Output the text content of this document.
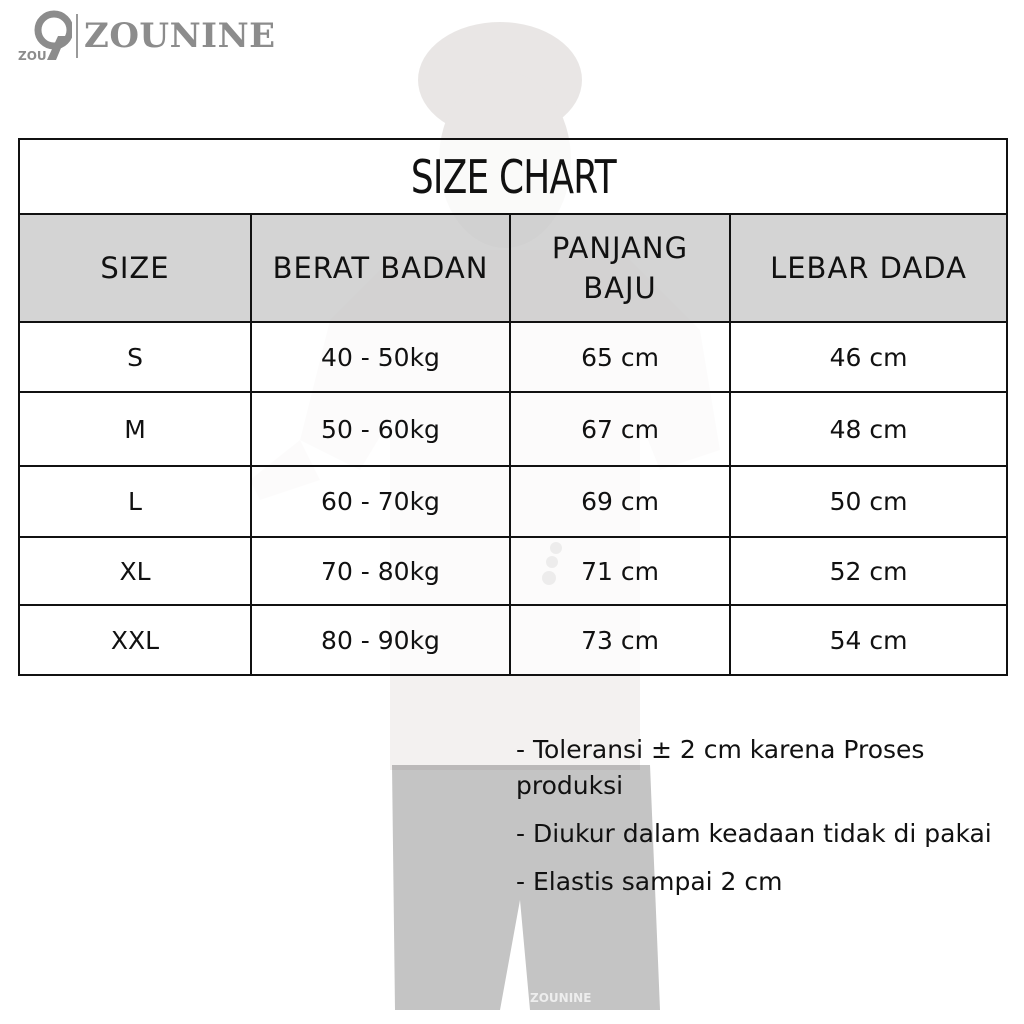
ZOUNINE
ZOU ZOUNINE
SIZE CHART			
SIZE	BERAT BADAN	PANJANG BAJU	LEBAR DADA
S	40 - 50kg	65 cm	46 cm
M	50 - 60kg	67 cm	48 cm
L	60 - 70kg	69 cm	50 cm
XL	70 - 80kg	71 cm	52 cm
XXL	80 - 90kg	73 cm	54 cm

- Toleransi ± 2 cm karena Proses produksi

- Diukur dalam keadaan tidak di pakai

- Elastis sampai 2 cm
